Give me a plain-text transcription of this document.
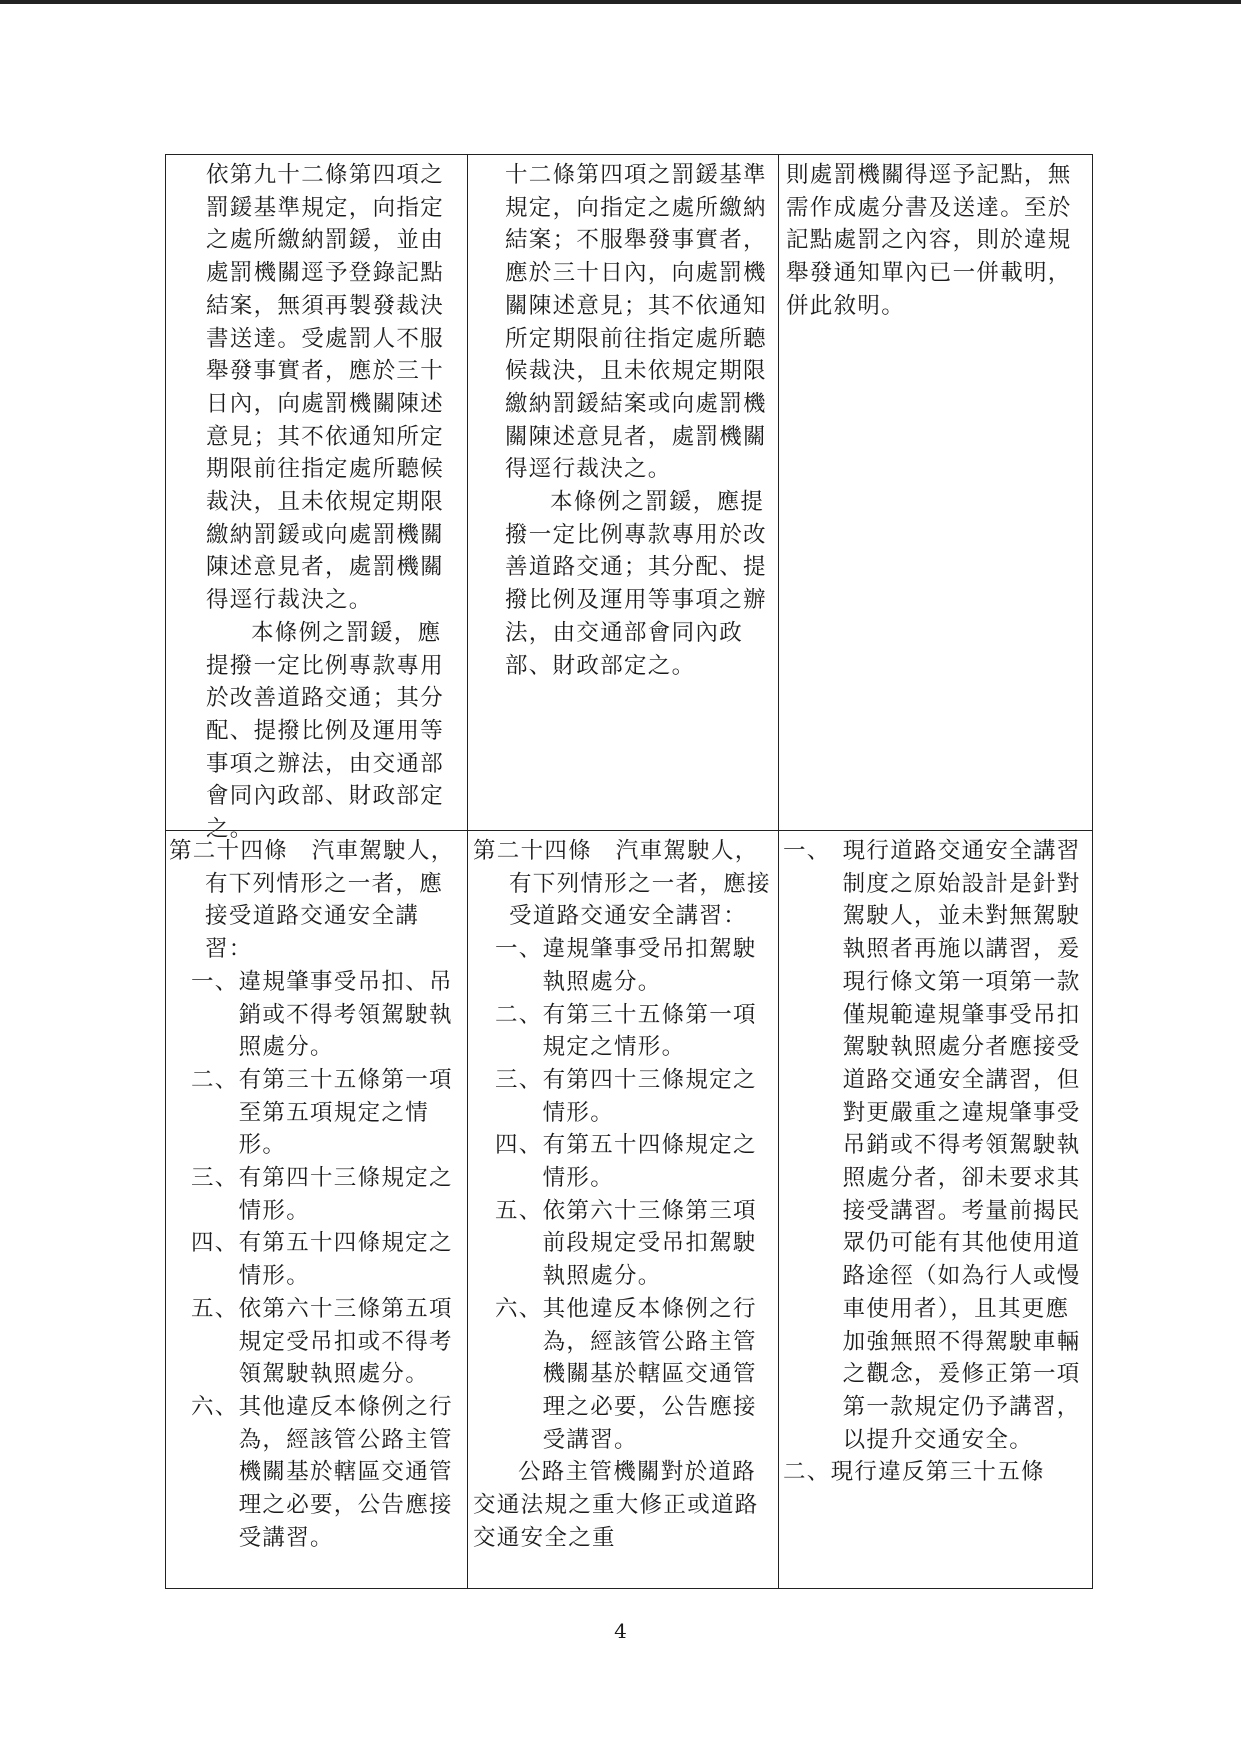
依第九十二條第四項之罰鍰基準規定，向指定之處所繳納罰鍰，並由處罰機關逕予登錄記點結案，無須再製發裁決書送達。受處罰人不服舉發事實者，應於三十日內，向處罰機關陳述意見；其不依通知所定期限前往指定處所聽候裁決，且未依規定期限繳納罰鍰或向處罰機關陳述意見者，處罰機關得逕行裁決之。

本條例之罰鍰，應提撥一定比例專款專用於改善道路交通；其分配、提撥比例及運用等事項之辦法，由交通部會同內政部、財政部定之。

十二條第四項之罰鍰基準規定，向指定之處所繳納結案；不服舉發事實者，應於三十日內，向處罰機關陳述意見；其不依通知所定期限前往指定處所聽候裁決，且未依規定期限繳納罰鍰結案或向處罰機關陳述意見者，處罰機關得逕行裁決之。

本條例之罰鍰，應提撥一定比例專款專用於改善道路交通；其分配、提撥比例及運用等事項之辦法，由交通部會同內政部、財政部定之。

則處罰機關得逕予記點，無需作成處分書及送達。至於記點處罰之內容，則於違規舉發通知單內已一併載明，併此敘明。

第二十四條　汽車駕駛人，有下列情形之一者，應接受道路交通安全講習：

一、 違規肇事受吊扣、吊銷或不得考領駕駛執照處分。
二、 有第三十五條第一項至第五項規定之情形。
三、 有第四十三條規定之情形。
四、 有第五十四條規定之情形。
五、 依第六十三條第五項規定受吊扣或不得考領駕駛執照處分。
六、 其他違反本條例之行為，經該管公路主管機關基於轄區交通管理之必要，公告應接受講習。

第二十四條　汽車駕駛人，有下列情形之一者，應接受道路交通安全講習：

一、 違規肇事受吊扣駕駛執照處分。
二、 有第三十五條第一項規定之情形。
三、 有第四十三條規定之情形。
四、 有第五十四條規定之情形。
五、 依第六十三條第三項前段規定受吊扣駕駛執照處分。
六、 其他違反本條例之行為，經該管公路主管機關基於轄區交通管理之必要，公告應接受講習。

公路主管機關對於道路交通法規之重大修正或道路交通安全之重

一、 現行道路交通安全講習制度之原始設計是針對駕駛人，並未對無駕駛執照者再施以講習，爰現行條文第一項第一款僅規範違規肇事受吊扣駕駛執照處分者應接受道路交通安全講習，但對更嚴重之違規肇事受吊銷或不得考領駕駛執照處分者，卻未要求其接受講習。考量前揭民眾仍可能有其他使用道路途徑（如為行人或慢車使用者），且其更應加強無照不得駕駛車輛之觀念，爰修正第一項第一款規定仍予講習，以提升交通安全。
二、 現行違反第三十五條
4
